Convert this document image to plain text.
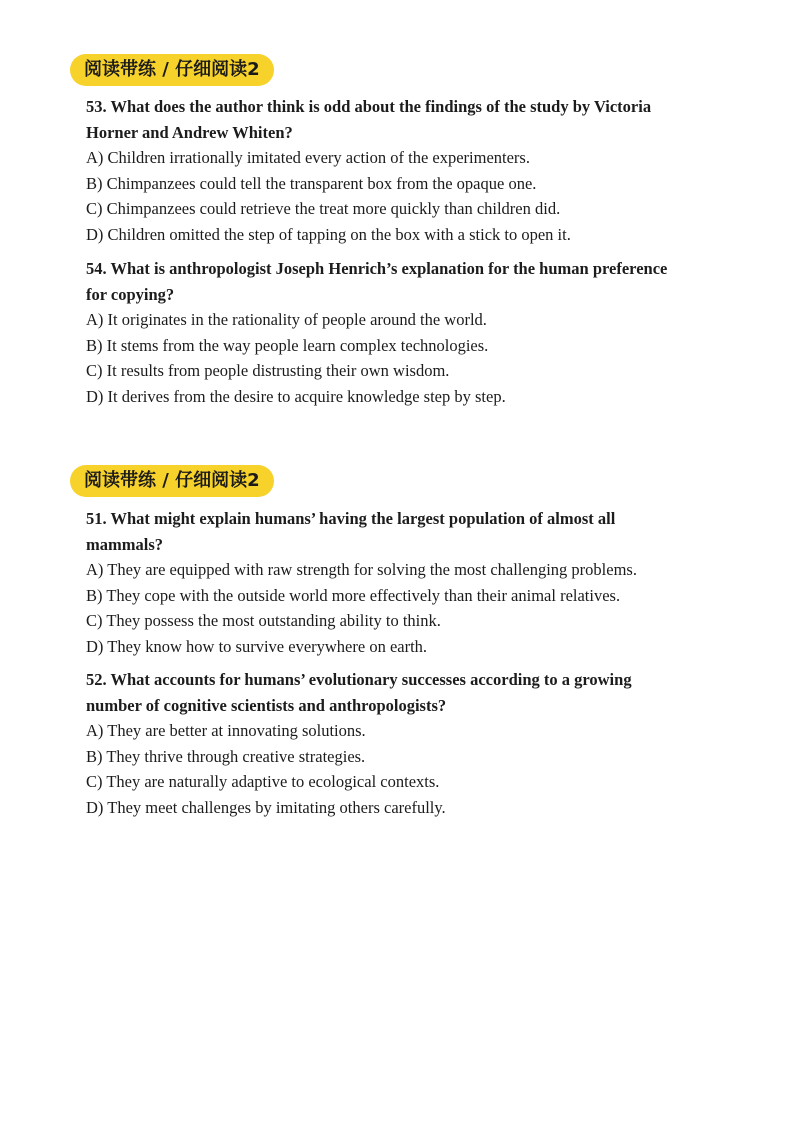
阅读带练 / 仔细阅读2

53. What does the author think is odd about the findings of the study by Victoria
Horner and Andrew Whiten?

A) Children irrationally imitated every action of the experimenters.

B) Chimpanzees could tell the transparent box from the opaque one.

C) Chimpanzees could retrieve the treat more quickly than children did.

D) Children omitted the step of tapping on the box with a stick to open it.

54. What is anthropologist Joseph Henrich’s explanation for the human preference
for copying?

A) It originates in the rationality of people around the world.

B) It stems from the way people learn complex technologies.

C) It results from people distrusting their own wisdom.

D) It derives from the desire to acquire knowledge step by step.

阅读带练 / 仔细阅读2

51. What might explain humans’ having the largest population of almost all
mammals?

A) They are equipped with raw strength for solving the most challenging problems.

B) They cope with the outside world more effectively than their animal relatives.

C) They possess the most outstanding ability to think.

D) They know how to survive everywhere on earth.

52. What accounts for humans’ evolutionary successes according to a growing
number of cognitive scientists and anthropologists?

A) They are better at innovating solutions.

B) They thrive through creative strategies.

C) They are naturally adaptive to ecological contexts.

D) They meet challenges by imitating others carefully.
